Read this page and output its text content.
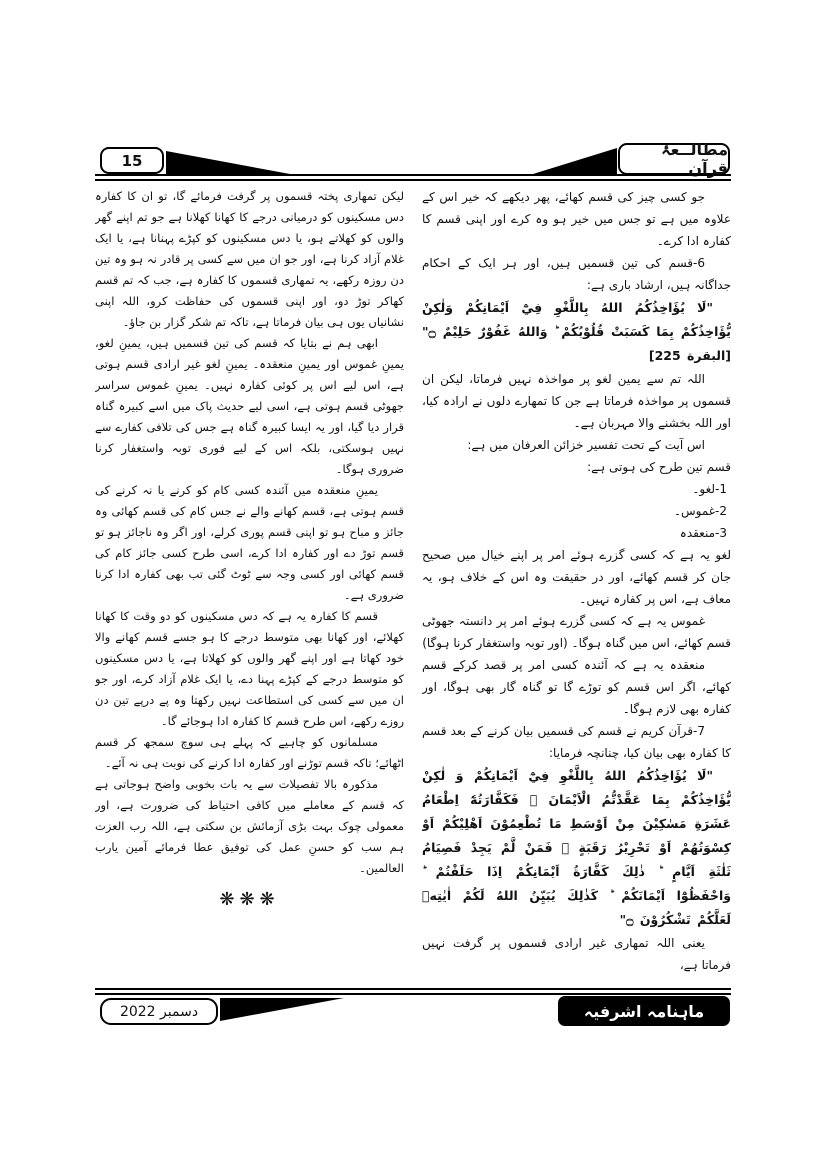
15
مطالــعۂ قرآن

جو کسی چیز کی قسم کھائے، پھر دیکھے کہ خیر اس کے علاوہ میں ہے تو جس میں خیر ہو وہ کرے اور اپنی قسم کا کفارہ ادا کرے۔

6-قسم کی تین قسمیں ہیں، اور ہر ایک کے احکام جداگانہ ہیں، ارشاد باری ہے:

"لَا يُؤَاخِذُكُمُ اللهُ بِاللَّغْوِ فِيْٓ اَيْمَانِكُمْ وَلٰكِنْ يُّؤَاخِذُكُمْ بِمَا كَسَبَتْ قُلُوْبُكُمْ ؕ وَاللهُ غَفُوْرٌ حَلِيْمٌ ۝" [البقرة 225]

اللہ تم سے یمین لغو پر مواخذہ نہیں فرماتا، لیکن ان قسموں پر مواخذہ فرماتا ہے جن کا تمھارے دلوں نے ارادہ کیا، اور اللہ بخشنے والا مہربان ہے۔

اس آیت کے تحت تفسیر خزائن العرفان میں ہے:

قسم تین طرح کی ہوتی ہے:

1-لغو۔

2-غموس۔

3-منعقدہ

لغو یہ ہے کہ کسی گزرے ہوئے امر پر اپنے خیال میں صحیح جان کر قسم کھائے، اور در حقیقت وہ اس کے خلاف ہو، یہ معاف ہے، اس پر کفارہ نہیں۔

غموس یہ ہے کہ کسی گزرے ہوئے امر پر دانستہ جھوٹی قسم کھائے، اس میں گناہ ہوگا۔ (اور توبہ واستغفار کرنا ہوگا)

منعقدہ یہ ہے کہ آئندہ کسی امر پر قصد کرکے قسم کھائے، اگر اس قسم کو توڑے گا تو گناہ گار بھی ہوگا، اور کفارہ بھی لازم ہوگا۔

7-قرآن کریم نے قسم کی قسمیں بیان کرنے کے بعد قسم کا کفارہ بھی بیان کیا، چنانچہ فرمایا:

"لَا يُؤَاخِذُكُمُ اللهُ بِاللَّغْوِ فِيْٓ اَيْمَانِكُمْ وَ لٰكِنْ يُّؤَاخِذُكُمْ بِمَا عَقَّدْتُّمُ الْاَيْمَانَ ۚ فَكَفَّارَتُهٗٓ اِطْعَامُ عَشَرَةِ مَسٰكِيْنَ مِنْ اَوْسَطِ مَا تُطْعِمُوْنَ اَهْلِيْكُمْ اَوْ كِسْوَتُهُمْ اَوْ تَحْرِيْرُ رَقَبَةٍ ۚ فَمَنْ لَّمْ يَجِدْ فَصِيَامُ ثَلٰثَةِ اَيَّامٍ ؕ ذٰلِكَ كَفَّارَةُ اَيْمَانِكُمْ اِذَا حَلَفْتُمْ ؕ وَاحْفَظُوْٓا اَيْمَانَكُمْ ؕ كَذٰلِكَ يُبَيِّنُ اللهُ لَكُمْ اٰيٰتِهٖ لَعَلَّكُمْ تَشْكُرُوْنَ ۝"

یعنی اللہ تمھاری غیر ارادی قسموں پر گرفت نہیں فرماتا ہے،

لیکن تمھاری پختہ قسموں پر گرفت فرمائے گا، تو ان کا کفارہ دس مسکینوں کو درمیانی درجے کا کھانا کھلانا ہے جو تم اپنے گھر والوں کو کھلاتے ہو، یا دس مسکینوں کو کپڑے پہنانا ہے، یا ایک غلام آزاد کرنا ہے، اور جو ان میں سے کسی پر قادر نہ ہو وہ تین دن روزہ رکھے، یہ تمھاری قسموں کا کفارہ ہے، جب کہ تم قسم کھاکر توڑ دو، اور اپنی قسموں کی حفاظت کرو، اللہ اپنی نشانیاں یوں ہی بیان فرماتا ہے، تاکہ تم شکر گزار بن جاؤ۔

ابھی ہم نے بتایا کہ قسم کی تین قسمیں ہیں، یمینِ لغو، یمینِ غموس اور یمینِ منعقدہ۔ یمینِ لغو غیر ارادی قسم ہوتی ہے، اس لیے اس پر کوئی کفارہ نہیں۔ یمینِ غموس سراسر جھوٹی قسم ہوتی ہے، اسی لیے حدیث پاک میں اسے کبیرہ گناہ قرار دیا گیا، اور یہ ایسا کبیرہ گناہ ہے جس کی تلافی کفارے سے نہیں ہوسکتی، بلکہ اس کے لیے فوری توبہ واستغفار کرنا ضروری ہوگا۔

یمینِ منعقدہ میں آئندہ کسی کام کو کرنے یا نہ کرنے کی قسم ہوتی ہے، قسم کھانے والے نے جس کام کی قسم کھائی وہ جائز و مباح ہو تو اپنی قسم پوری کرلے، اور اگر وہ ناجائز ہو تو قسم توڑ دے اور کفارہ ادا کرے، اسی طرح کسی جائز کام کی قسم کھائی اور کسی وجہ سے ٹوٹ گئی تب بھی کفارہ ادا کرنا ضروری ہے۔

قسم کا کفارہ یہ ہے کہ دس مسکینوں کو دو وقت کا کھانا کھلائے، اور کھانا بھی متوسط درجے کا ہو جسے قسم کھانے والا خود کھاتا ہے اور اپنے گھر والوں کو کھلاتا ہے، یا دس مسکینوں کو متوسط درجے کے کپڑے پہنا دے، یا ایک غلام آزاد کرے، اور جو ان میں سے کسی کی استطاعت نہیں رکھتا وہ پے درپے تین دن روزے رکھے، اس طرح قسم کا کفارہ ادا ہوجائے گا۔

مسلمانوں کو چاہیے کہ پہلے ہی سوچ سمجھ کر قسم اٹھائے؛ تاکہ قسم توڑنے اور کفارہ ادا کرنے کی نوبت ہی نہ آئے۔

مذکورہ بالا تفصیلات سے یہ بات بخوبی واضح ہوجاتی ہے کہ قسم کے معاملے میں کافی احتیاط کی ضرورت ہے، اور معمولی چوک بہت بڑی آزمائش بن سکتی ہے، اللہ رب العزت ہم سب کو حسنِ عمل کی توفیق عطا فرمائے آمین یارب العالمین۔

❋❋❋

دسمبر 2022	ماہنامہ اشرفیہ
